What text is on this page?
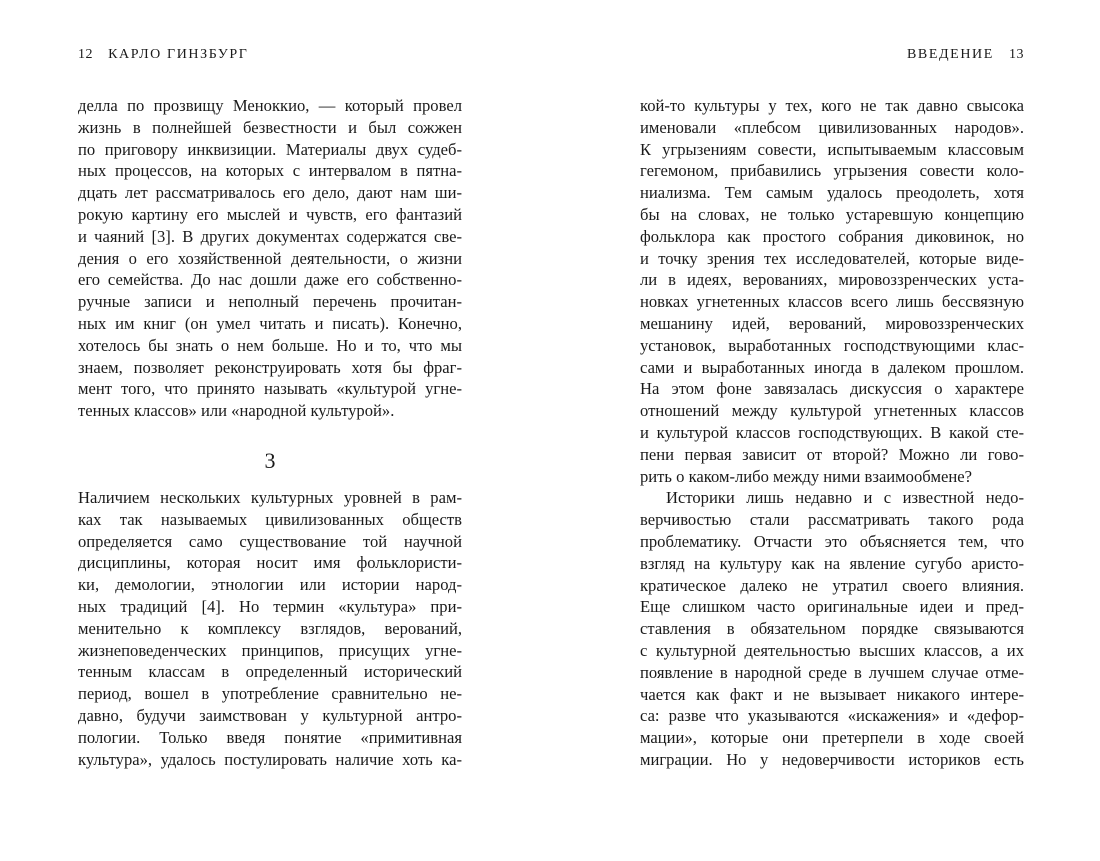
12 КАРЛО ГИНЗБУРГ
делла по прозвищу Меноккио, — который провел
жизнь в полнейшей безвестности и был сожжен
по приговору инквизиции. Материалы двух судеб-
ных процессов, на которых с интервалом в пятна-
дцать лет рассматривалось его дело, дают нам ши-
рокую картину его мыслей и чувств, его фантазий
и чаяний [3]. В других документах содержатся све-
дения о его хозяйственной деятельности, о жизни
его семейства. До нас дошли даже его собственно-
ручные записи и неполный перечень прочитан-
ных им книг (он умел читать и писать). Конечно,
хотелось бы знать о нем больше. Но и то, что мы
знаем, позволяет реконструировать хотя бы фраг-
мент того, что принято называть «культурой угне-
тенных классов» или «народной культурой».
3
Наличием нескольких культурных уровней в рам-
ках так называемых цивилизованных обществ
определяется само существование той научной
дисциплины, которая носит имя фольклористи-
ки, демологии, этнологии или истории народ-
ных традиций [4]. Но термин «культура» при-
менительно к комплексу взглядов, верований,
жизнеповеденческих принципов, присущих угне-
тенным классам в определенный исторический
период, вошел в употребление сравнительно не-
давно, будучи заимствован у культурной антро-
пологии. Только введя понятие «примитивная
культура», удалось постулировать наличие хоть ка-
ВВЕДЕНИЕ 13
кой-то культуры у тех, кого не так давно свысока
именовали «плебсом цивилизованных народов».
К угрызениям совести, испытываемым классовым
гегемоном, прибавились угрызения совести коло-
ниализма. Тем самым удалось преодолеть, хотя
бы на словах, не только устаревшую концепцию
фольклора как простого собрания диковинок, но
и точку зрения тех исследователей, которые виде-
ли в идеях, верованиях, мировоззренческих уста-
новках угнетенных классов всего лишь бессвязную
мешанину идей, верований, мировоззренческих
установок, выработанных господствующими клас-
сами и выработанных иногда в далеком прошлом.
На этом фоне завязалась дискуссия о характере
отношений между культурой угнетенных классов
и культурой классов господствующих. В какой сте-
пени первая зависит от второй? Можно ли гово-
рить о каком-либо между ними взаимообмене?
Историки лишь недавно и с известной недо-
верчивостью стали рассматривать такого рода
проблематику. Отчасти это объясняется тем, что
взгляд на культуру как на явление сугубо аристо-
кратическое далеко не утратил своего влияния.
Еще слишком часто оригинальные идеи и пред-
ставления в обязательном порядке связываются
с культурной деятельностью высших классов, а их
появление в народной среде в лучшем случае отме-
чается как факт и не вызывает никакого интере-
са: разве что указываются «искажения» и «дефор-
мации», которые они претерпели в ходе своей
миграции. Но у недоверчивости историков есть
